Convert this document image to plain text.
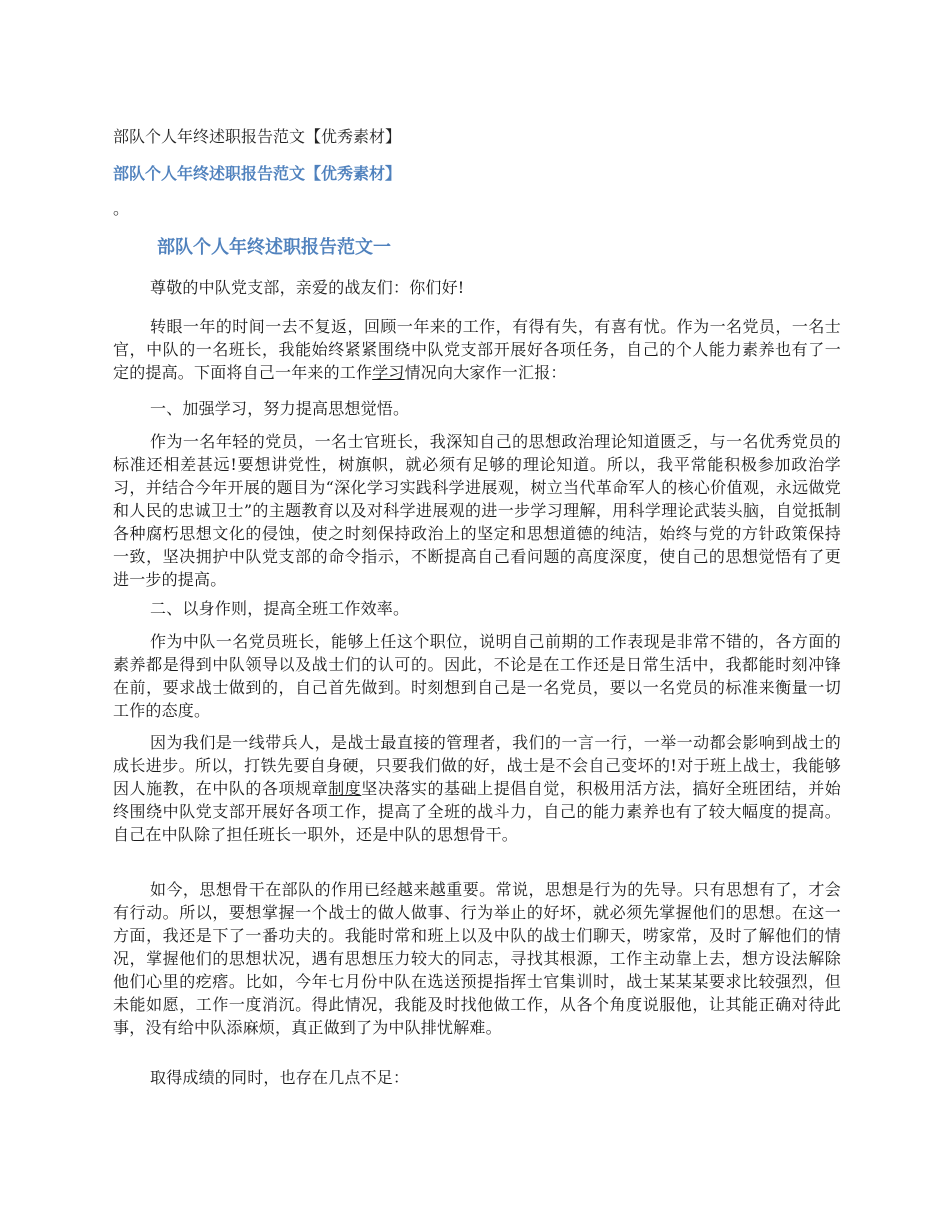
部队个人年终述职报告范文【优秀素材】
部队个人年终述职报告范文【优秀素材】
。
部队个人年终述职报告范文一

尊敬的中队党支部，亲爱的战友们：你们好!

转眼一年的时间一去不复返，回顾一年来的工作，有得有失，有喜有忧。作为一名党员，一名士官，中队的一名班长，我能始终紧紧围绕中队党支部开展好各项任务，自己的个人能力素养也有了一定的提高。下面将自己一年来的工作学习情况向大家作一汇报：

一、加强学习，努力提高思想觉悟。

作为一名年轻的党员，一名士官班长，我深知自己的思想政治理论知道匮乏，与一名优秀党员的标准还相差甚远!要想讲党性，树旗帜，就必须有足够的理论知道。所以，我平常能积极参加政治学习，并结合今年开展的题目为“深化学习实践科学进展观，树立当代革命军人的核心价值观，永远做党和人民的忠诚卫士”的主题教育以及对科学进展观的进一步学习理解，用科学理论武装头脑，自觉抵制各种腐朽思想文化的侵蚀，使之时刻保持政治上的坚定和思想道德的纯洁，始终与党的方针政策保持一致，坚决拥护中队党支部的命令指示，不断提高自己看问题的高度深度，使自己的思想觉悟有了更进一步的提高。

二、以身作则，提高全班工作效率。

作为中队一名党员班长，能够上任这个职位，说明自己前期的工作表现是非常不错的，各方面的素养都是得到中队领导以及战士们的认可的。因此，不论是在工作还是日常生活中，我都能时刻冲锋在前，要求战士做到的，自己首先做到。时刻想到自己是一名党员，要以一名党员的标准来衡量一切工作的态度。

因为我们是一线带兵人，是战士最直接的管理者，我们的一言一行，一举一动都会影响到战士的成长进步。所以，打铁先要自身硬，只要我们做的好，战士是不会自己变坏的!对于班上战士，我能够因人施教，在中队的各项规章制度坚决落实的基础上提倡自觉，积极用活方法，搞好全班团结，并始终围绕中队党支部开展好各项工作，提高了全班的战斗力，自己的能力素养也有了较大幅度的提高。 自己在中队除了担任班长一职外，还是中队的思想骨干。

如今，思想骨干在部队的作用已经越来越重要。常说，思想是行为的先导。只有思想有了，才会有行动。所以，要想掌握一个战士的做人做事、行为举止的好坏，就必须先掌握他们的思想。在这一方面，我还是下了一番功夫的。我能时常和班上以及中队的战士们聊天，唠家常，及时了解他们的情况，掌握他们的思想状况，遇有思想压力较大的同志，寻找其根源，工作主动靠上去，想方设法解除他们心里的疙瘩。比如，今年七月份中队在选送预提指挥士官集训时，战士某某某要求比较强烈，但未能如愿，工作一度消沉。得此情况，我能及时找他做工作，从各个角度说服他，让其能正确对待此事，没有给中队添麻烦，真正做到了为中队排忧解难。

取得成绩的同时，也存在几点不足：
